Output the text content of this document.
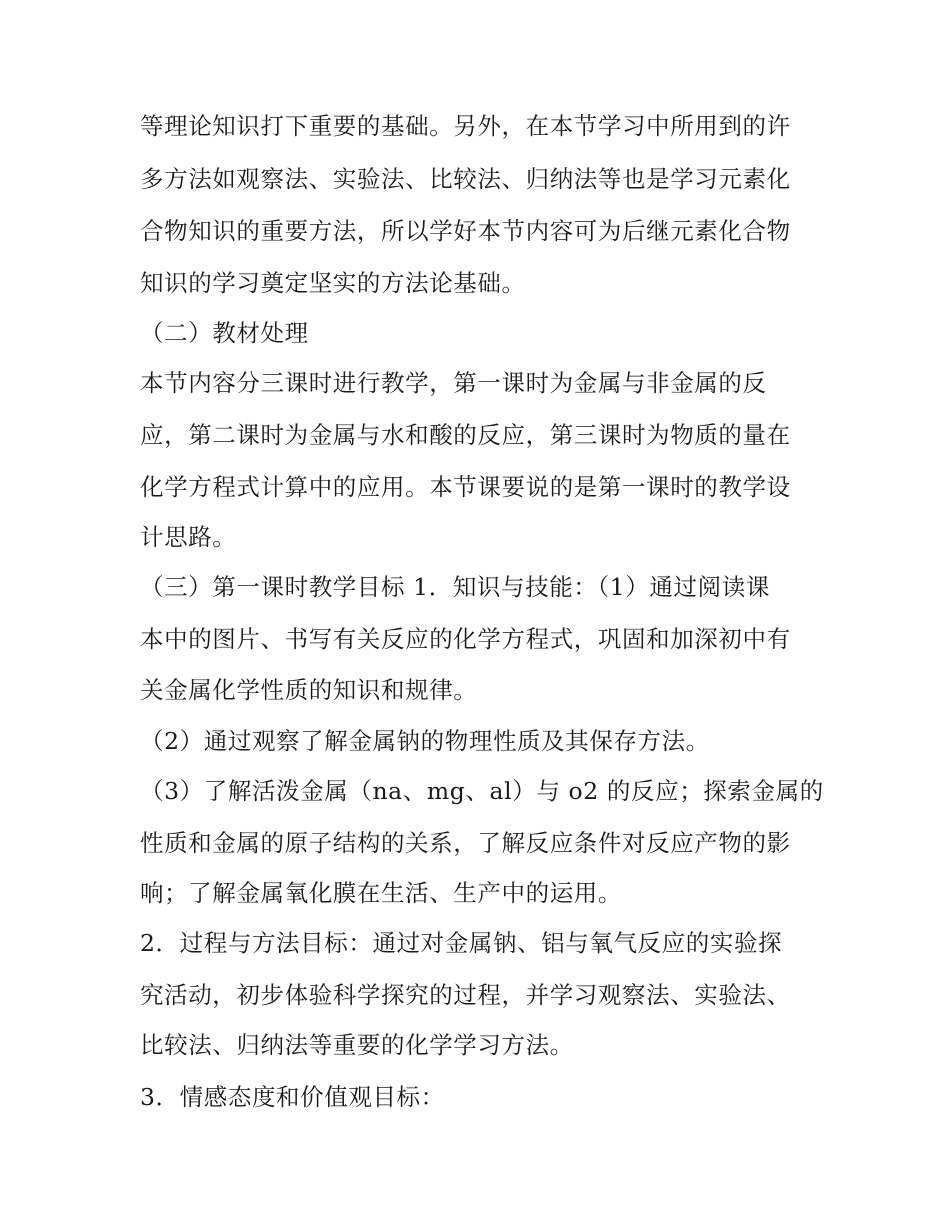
等理论知识打下重要的基础。另外，在本节学习中所用到的许
多方法如观察法、实验法、比较法、归纳法等也是学习元素化
合物知识的重要方法，所以学好本节内容可为后继元素化合物
知识的学习奠定坚实的方法论基础。
（二）教材处理
本节内容分三课时进行教学，第一课时为金属与非金属的反
应，第二课时为金属与水和酸的反应，第三课时为物质的量在
化学方程式计算中的应用。本节课要说的是第一课时的教学设
计思路。
（三）第一课时教学目标 1．知识与技能：（1）通过阅读课
本中的图片、书写有关反应的化学方程式，巩固和加深初中有
关金属化学性质的知识和规律。
（2）通过观察了解金属钠的物理性质及其保存方法。
（3）了解活泼金属（na、mg、al）与 o2 的反应；探索金属的
性质和金属的原子结构的关系，了解反应条件对反应产物的影
响；了解金属氧化膜在生活、生产中的运用。
2．过程与方法目标：通过对金属钠、铝与氧气反应的实验探
究活动，初步体验科学探究的过程，并学习观察法、实验法、
比较法、归纳法等重要的化学学习方法。
3．情感态度和价值观目标：
